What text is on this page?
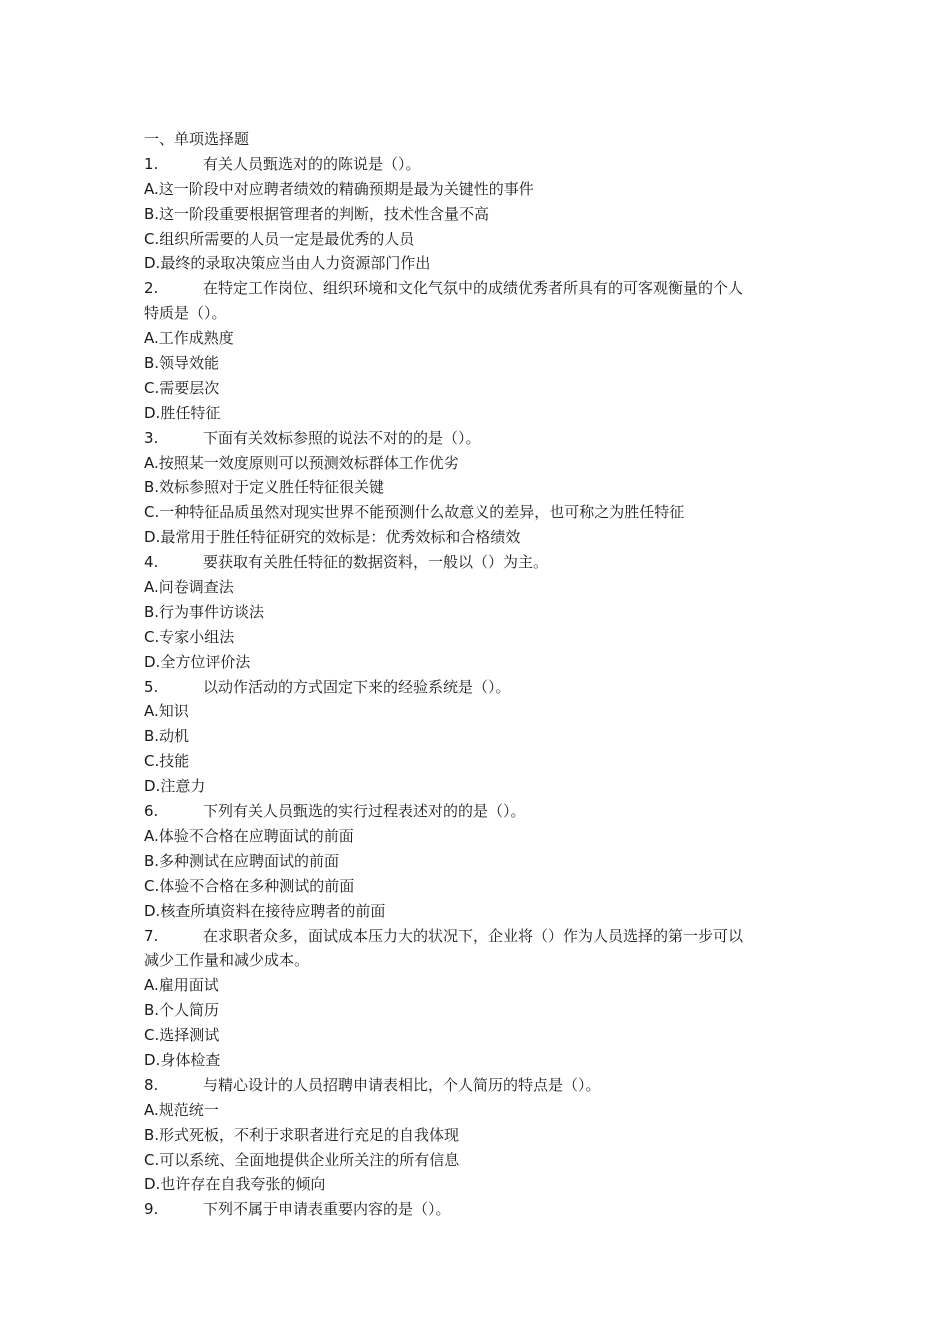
一、单项选择题
1.	有关人员甄选对的的陈说是（）。
A.这一阶段中对应聘者绩效的精确预期是最为关键性的事件
B.这一阶段重要根据管理者的判断，技术性含量不高
C.组织所需要的人员一定是最优秀的人员
D.最终的录取决策应当由人力资源部门作出
2.	在特定工作岗位、组织环境和文化气氛中的成绩优秀者所具有的可客观衡量的个人
特质是（）。
A.工作成熟度
B.领导效能
C.需要层次
D.胜任特征
3.	下面有关效标参照的说法不对的的是（）。
A.按照某一效度原则可以预测效标群体工作优劣
B.效标参照对于定义胜任特征很关键
C.一种特征品质虽然对现实世界不能预测什么故意义的差异，也可称之为胜任特征
D.最常用于胜任特征研究的效标是：优秀效标和合格绩效
4.	要获取有关胜任特征的数据资料，一般以（）为主。
A.问卷调查法
B.行为事件访谈法
C.专家小组法
D.全方位评价法
5.	以动作活动的方式固定下来的经验系统是（）。
A.知识
B.动机
C.技能
D.注意力
6.	下列有关人员甄选的实行过程表述对的的是（）。
A.体验不合格在应聘面试的前面
B.多种测试在应聘面试的前面
C.体验不合格在多种测试的前面
D.核查所填资料在接待应聘者的前面
7.	在求职者众多，面试成本压力大的状况下，企业将（）作为人员选择的第一步可以
减少工作量和减少成本。
A.雇用面试
B.个人简历
C.选择测试
D.身体检查
8.	与精心设计的人员招聘申请表相比，个人简历的特点是（）。
A.规范统一
B.形式死板，不利于求职者进行充足的自我体现
C.可以系统、全面地提供企业所关注的所有信息
D.也许存在自我夸张的倾向
9.	下列不属于申请表重要内容的是（）。
